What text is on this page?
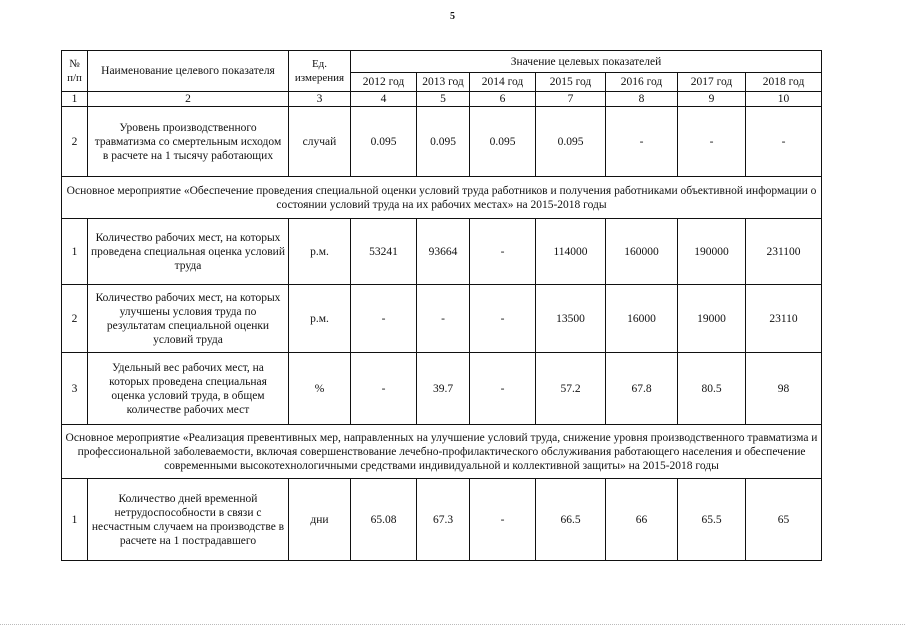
5
№ п/п	Наименование целевого показателя	Ед. измерения	Значение целевых показателей						
			2012 год	2013 год	2014 год	2015 год	2016 год	2017 год	2018 год
1	2	3	4	5	6	7	8	9	10
2	Уровень производственного травматизма со смертельным исходом в расчете на 1 тысячу работающих	случай	0.095	0.095	0.095	0.095	-	-	-
Основное мероприятие «Обеспечение проведения специальной оценки условий труда работников и получения работниками объективной информации о состоянии условий труда на их рабочих местах» на 2015-2018 годы									
1	Количество рабочих мест, на которых проведена специальная оценка условий труда	р.м.	53241	93664	-	114000	160000	190000	231100
2	Количество рабочих мест, на которых улучшены условия труда по результатам специальной оценки условий труда	р.м.	-	-	-	13500	16000	19000	23110
3	Удельный вес рабочих мест, на которых проведена специальная оценка условий труда, в общем количестве рабочих мест	%	-	39.7	-	57.2	67.8	80.5	98
Основное мероприятие «Реализация превентивных мер, направленных на улучшение условий труда, снижение уровня производственного травматизма и профессиональной заболеваемости, включая совершенствование лечебно-профилактического обслуживания работающего населения и обеспечение современными высокотехнологичными средствами индивидуальной и коллективной защиты» на 2015-2018 годы									
1	Количество дней временной нетрудоспособности в связи с несчастным случаем на производстве в расчете на 1 пострадавшего	дни	65.08	67.3	-	66.5	66	65.5	65
